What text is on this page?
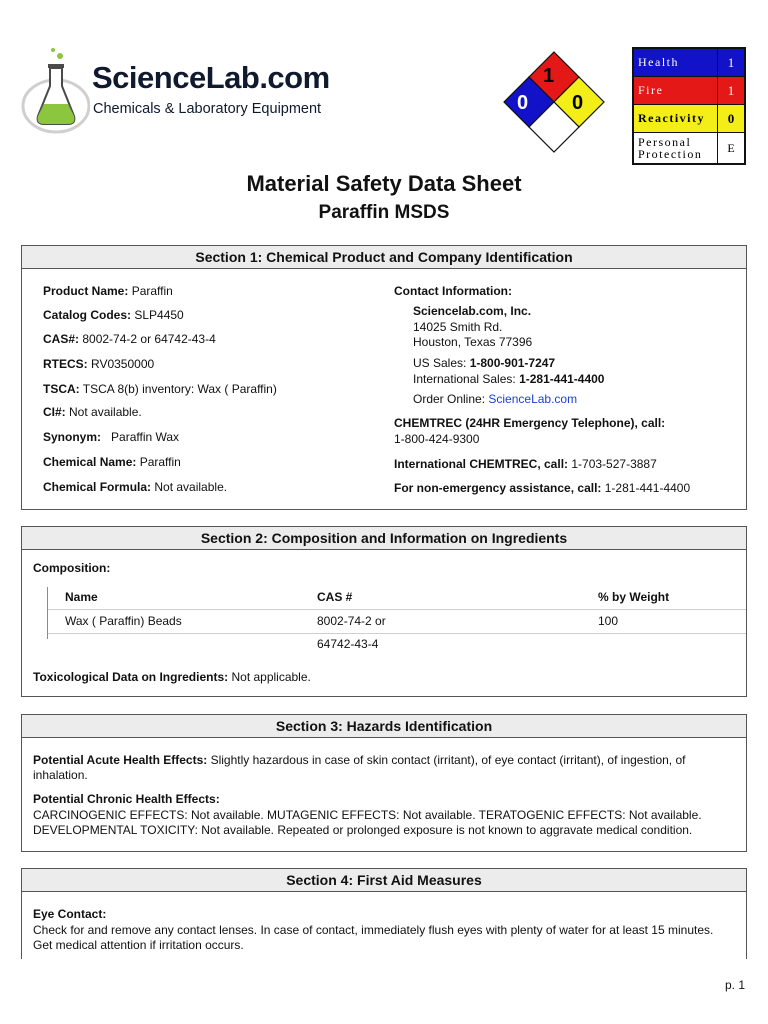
ScienceLab.com
Chemicals & Laboratory Equipment
1
0 0
Health	1
Fire	1
Reactivity	0
Personal
Protection	E
Material Safety Data Sheet
Paraffin MSDS
Section 1: Chemical Product and Company Identification
Product Name: Paraffin
Catalog Codes: SLP4450
CAS#: 8002-74-2 or 64742-43-4
RTECS: RV0350000
TSCA: TSCA 8(b) inventory: Wax ( Paraffin)
CI#: Not available.
Synonym:   Paraffin Wax
Chemical Name: Paraffin
Chemical Formula: Not available.
Contact Information:
Sciencelab.com, Inc.
14025 Smith Rd.
Houston, Texas 77396
US Sales: 1-800-901-7247
International Sales: 1-281-441-4400
Order Online: ScienceLab.com
CHEMTREC (24HR Emergency Telephone), call:
1-800-424-9300
International CHEMTREC, call: 1-703-527-3887
For non-emergency assistance, call: 1-281-441-4400
Section 2: Composition and Information on Ingredients
Composition:
Name	CAS #	% by Weight
Wax ( Paraffin) Beads	8002-74-2 or	100
64742-43-4
Toxicological Data on Ingredients: Not applicable.
Section 3: Hazards Identification
Potential Acute Health Effects: Slightly hazardous in case of skin contact (irritant), of eye contact (irritant), of ingestion, of inhalation.
Potential Chronic Health Effects:
CARCINOGENIC EFFECTS: Not available. MUTAGENIC EFFECTS: Not available. TERATOGENIC EFFECTS: Not available.
DEVELOPMENTAL TOXICITY: Not available. Repeated or prolonged exposure is not known to aggravate medical condition.
Section 4: First Aid Measures
Eye Contact:
Check for and remove any contact lenses. In case of contact, immediately flush eyes with plenty of water for at least 15 minutes. Get medical attention if irritation occurs.
p. 1
